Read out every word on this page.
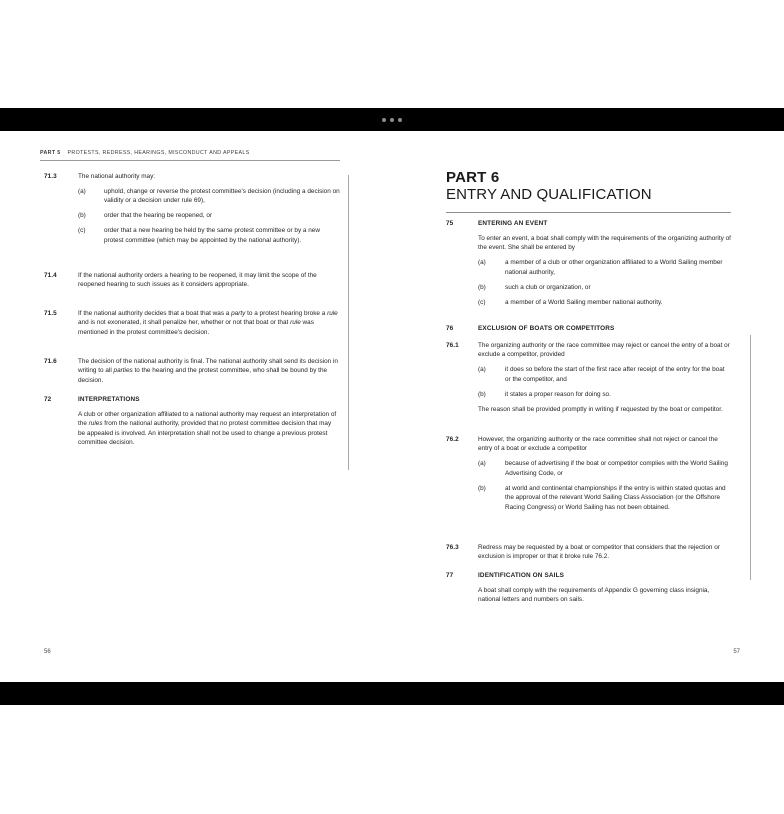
PART 5 PROTESTS, REDRESS, HEARINGS, MISCONDUCT AND APPEALS
71.3	The national authority may:
(a)	uphold, change or reverse the protest committee's decision (including a decision on validity or a decision under rule 69),
(b)	order that the hearing be reopened, or
(c)	order that a new hearing be held by the same protest committee or by a new protest committee (which may be appointed by the national authority).
71.4	If the national authority orders a hearing to be reopened, it may limit the scope of the reopened hearing to such issues as it considers appropriate.
71.5	If the national authority decides that a boat that was a party to a protest hearing broke a rule and is not exonerated, it shall penalize her, whether or not that boat or that rule was mentioned in the protest committee's decision.
71.6	The decision of the national authority is final. The national authority shall send its decision in writing to all parties to the hearing and the protest committee, who shall be bound by the decision.
72	INTERPRETATIONS
A club or other organization affiliated to a national authority may request an interpretation of the rules from the national authority, provided that no protest committee decision that may be appealed is involved. An interpretation shall not be used to change a previous protest committee decision.
56
PART 6
ENTRY AND QUALIFICATION
75	ENTERING AN EVENT
To enter an event, a boat shall comply with the requirements of the organizing authority of the event. She shall be entered by
(a)	a member of a club or other organization affiliated to a World Sailing member national authority,
(b)	such a club or organization, or
(c)	a member of a World Sailing member national authority.
76	EXCLUSION OF BOATS OR COMPETITORS
76.1	The organizing authority or the race committee may reject or cancel the entry of a boat or exclude a competitor, provided
(a)	it does so before the start of the first race after receipt of the entry for the boat or the competitor, and
(b)	it states a proper reason for doing so.
The reason shall be provided promptly in writing if requested by the boat or competitor.
76.2	However, the organizing authority or the race committee shall not reject or cancel the entry of a boat or exclude a competitor
(a)	because of advertising if the boat or competitor complies with the World Sailing Advertising Code, or
(b)	at world and continental championships if the entry is within stated quotas and the approval of the relevant World Sailing Class Association (or the Offshore Racing Congress) or World Sailing has not been obtained.
76.3	Redress may be requested by a boat or competitor that considers that the rejection or exclusion is improper or that it broke rule 76.2.
77	IDENTIFICATION ON SAILS
A boat shall comply with the requirements of Appendix G governing class insignia, national letters and numbers on sails.
57
